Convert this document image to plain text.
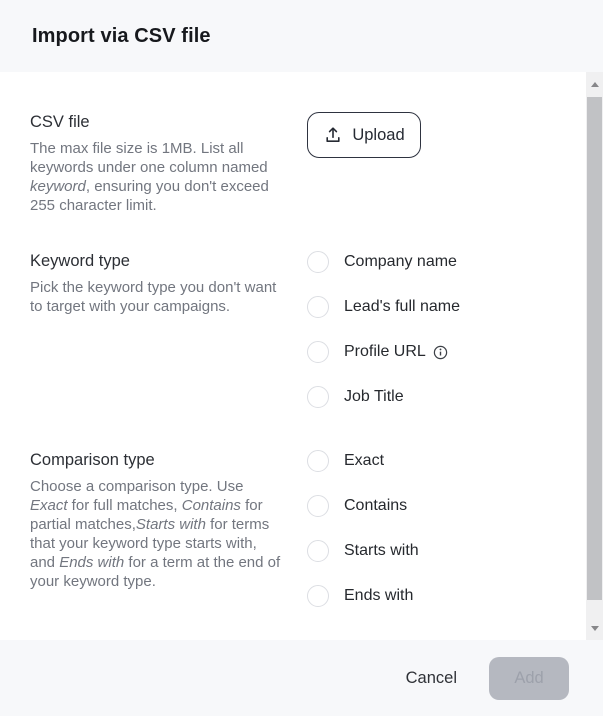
Import via CSV file
CSV file
The max file size is 1MB. List all keywords under one column named keyword, ensuring you don't exceed 255 character limit.
Upload
Keyword type
Pick the keyword type you don't want to target with your campaigns.
Company name
Lead's full name
Profile URL
Job Title
Comparison type
Choose a comparison type. Use Exact for full matches, Contains for partial matches,Starts with for terms that your keyword type starts with, and Ends with for a term at the end of your keyword type.
Exact
Contains
Starts with
Ends with
Cancel	Add
